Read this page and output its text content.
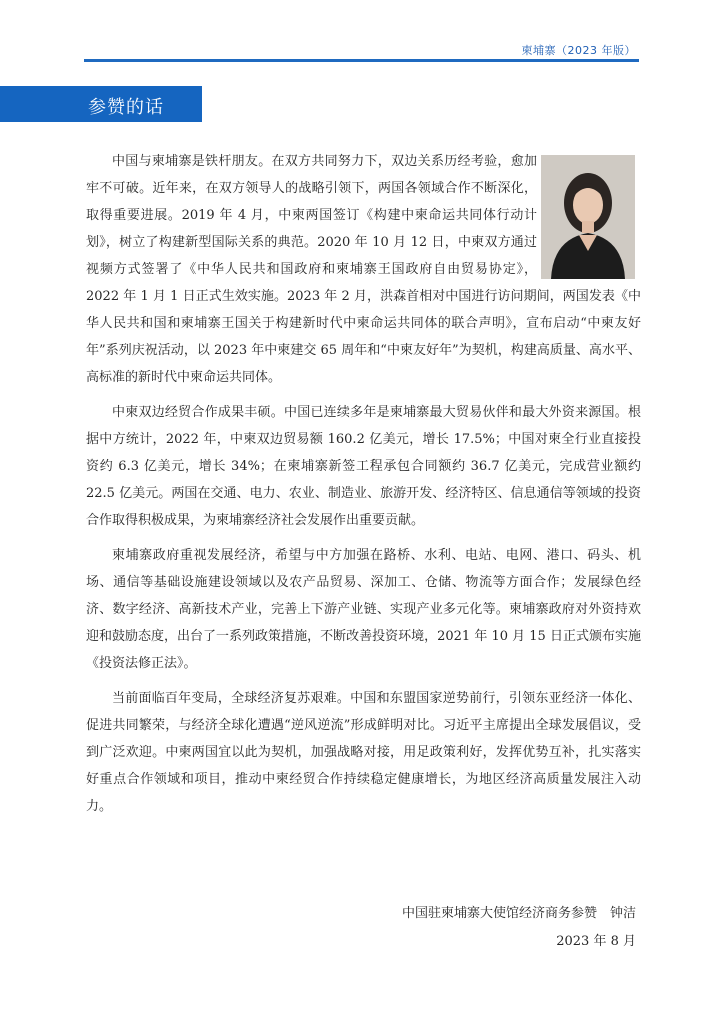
柬埔寨（2023 年版）
参赞的话

中国与柬埔寨是铁杆朋友。在双方共同努力下，双边关系历经考验，愈加牢不可破。近年来，在双方领导人的战略引领下，两国各领域合作不断深化，取得重要进展。2019 年 4 月，中柬两国签订《构建中柬命运共同体行动计划》，树立了构建新型国际关系的典范。2020 年 10 月 12 日，中柬双方通过视频方式签署了《中华人民共和国政府和柬埔寨王国政府自由贸易协定》，2022 年 1 月 1 日正式生效实施。2023 年 2 月，洪森首相对中国进行访问期间，两国发表《中华人民共和国和柬埔寨王国关于构建新时代中柬命运共同体的联合声明》，宣布启动“中柬友好年”系列庆祝活动，以 2023 年中柬建交 65 周年和“中柬友好年”为契机，构建高质量、高水平、高标准的新时代中柬命运共同体。

中柬双边经贸合作成果丰硕。中国已连续多年是柬埔寨最大贸易伙伴和最大外资来源国。根据中方统计，2022 年，中柬双边贸易额 160.2 亿美元，增长 17.5%；中国对柬全行业直接投资约 6.3 亿美元，增长 34%；在柬埔寨新签工程承包合同额约 36.7 亿美元，完成营业额约 22.5 亿美元。两国在交通、电力、农业、制造业、旅游开发、经济特区、信息通信等领域的投资合作取得积极成果，为柬埔寨经济社会发展作出重要贡献。

柬埔寨政府重视发展经济，希望与中方加强在路桥、水利、电站、电网、港口、码头、机场、通信等基础设施建设领域以及农产品贸易、深加工、仓储、物流等方面合作；发展绿色经济、数字经济、高新技术产业，完善上下游产业链、实现产业多元化等。柬埔寨政府对外资持欢迎和鼓励态度，出台了一系列政策措施，不断改善投资环境，2021 年 10 月 15 日正式颁布实施《投资法修正法》。

当前面临百年变局，全球经济复苏艰难。中国和东盟国家逆势前行，引领东亚经济一体化、促进共同繁荣，与经济全球化遭遇“逆风逆流”形成鲜明对比。习近平主席提出全球发展倡议，受到广泛欢迎。中柬两国宜以此为契机，加强战略对接，用足政策利好，发挥优势互补，扎实落实好重点合作领域和项目，推动中柬经贸合作持续稳定健康增长，为地区经济高质量发展注入动力。

中国驻柬埔寨大使馆经济商务参赞　钟洁
2023 年 8 月
